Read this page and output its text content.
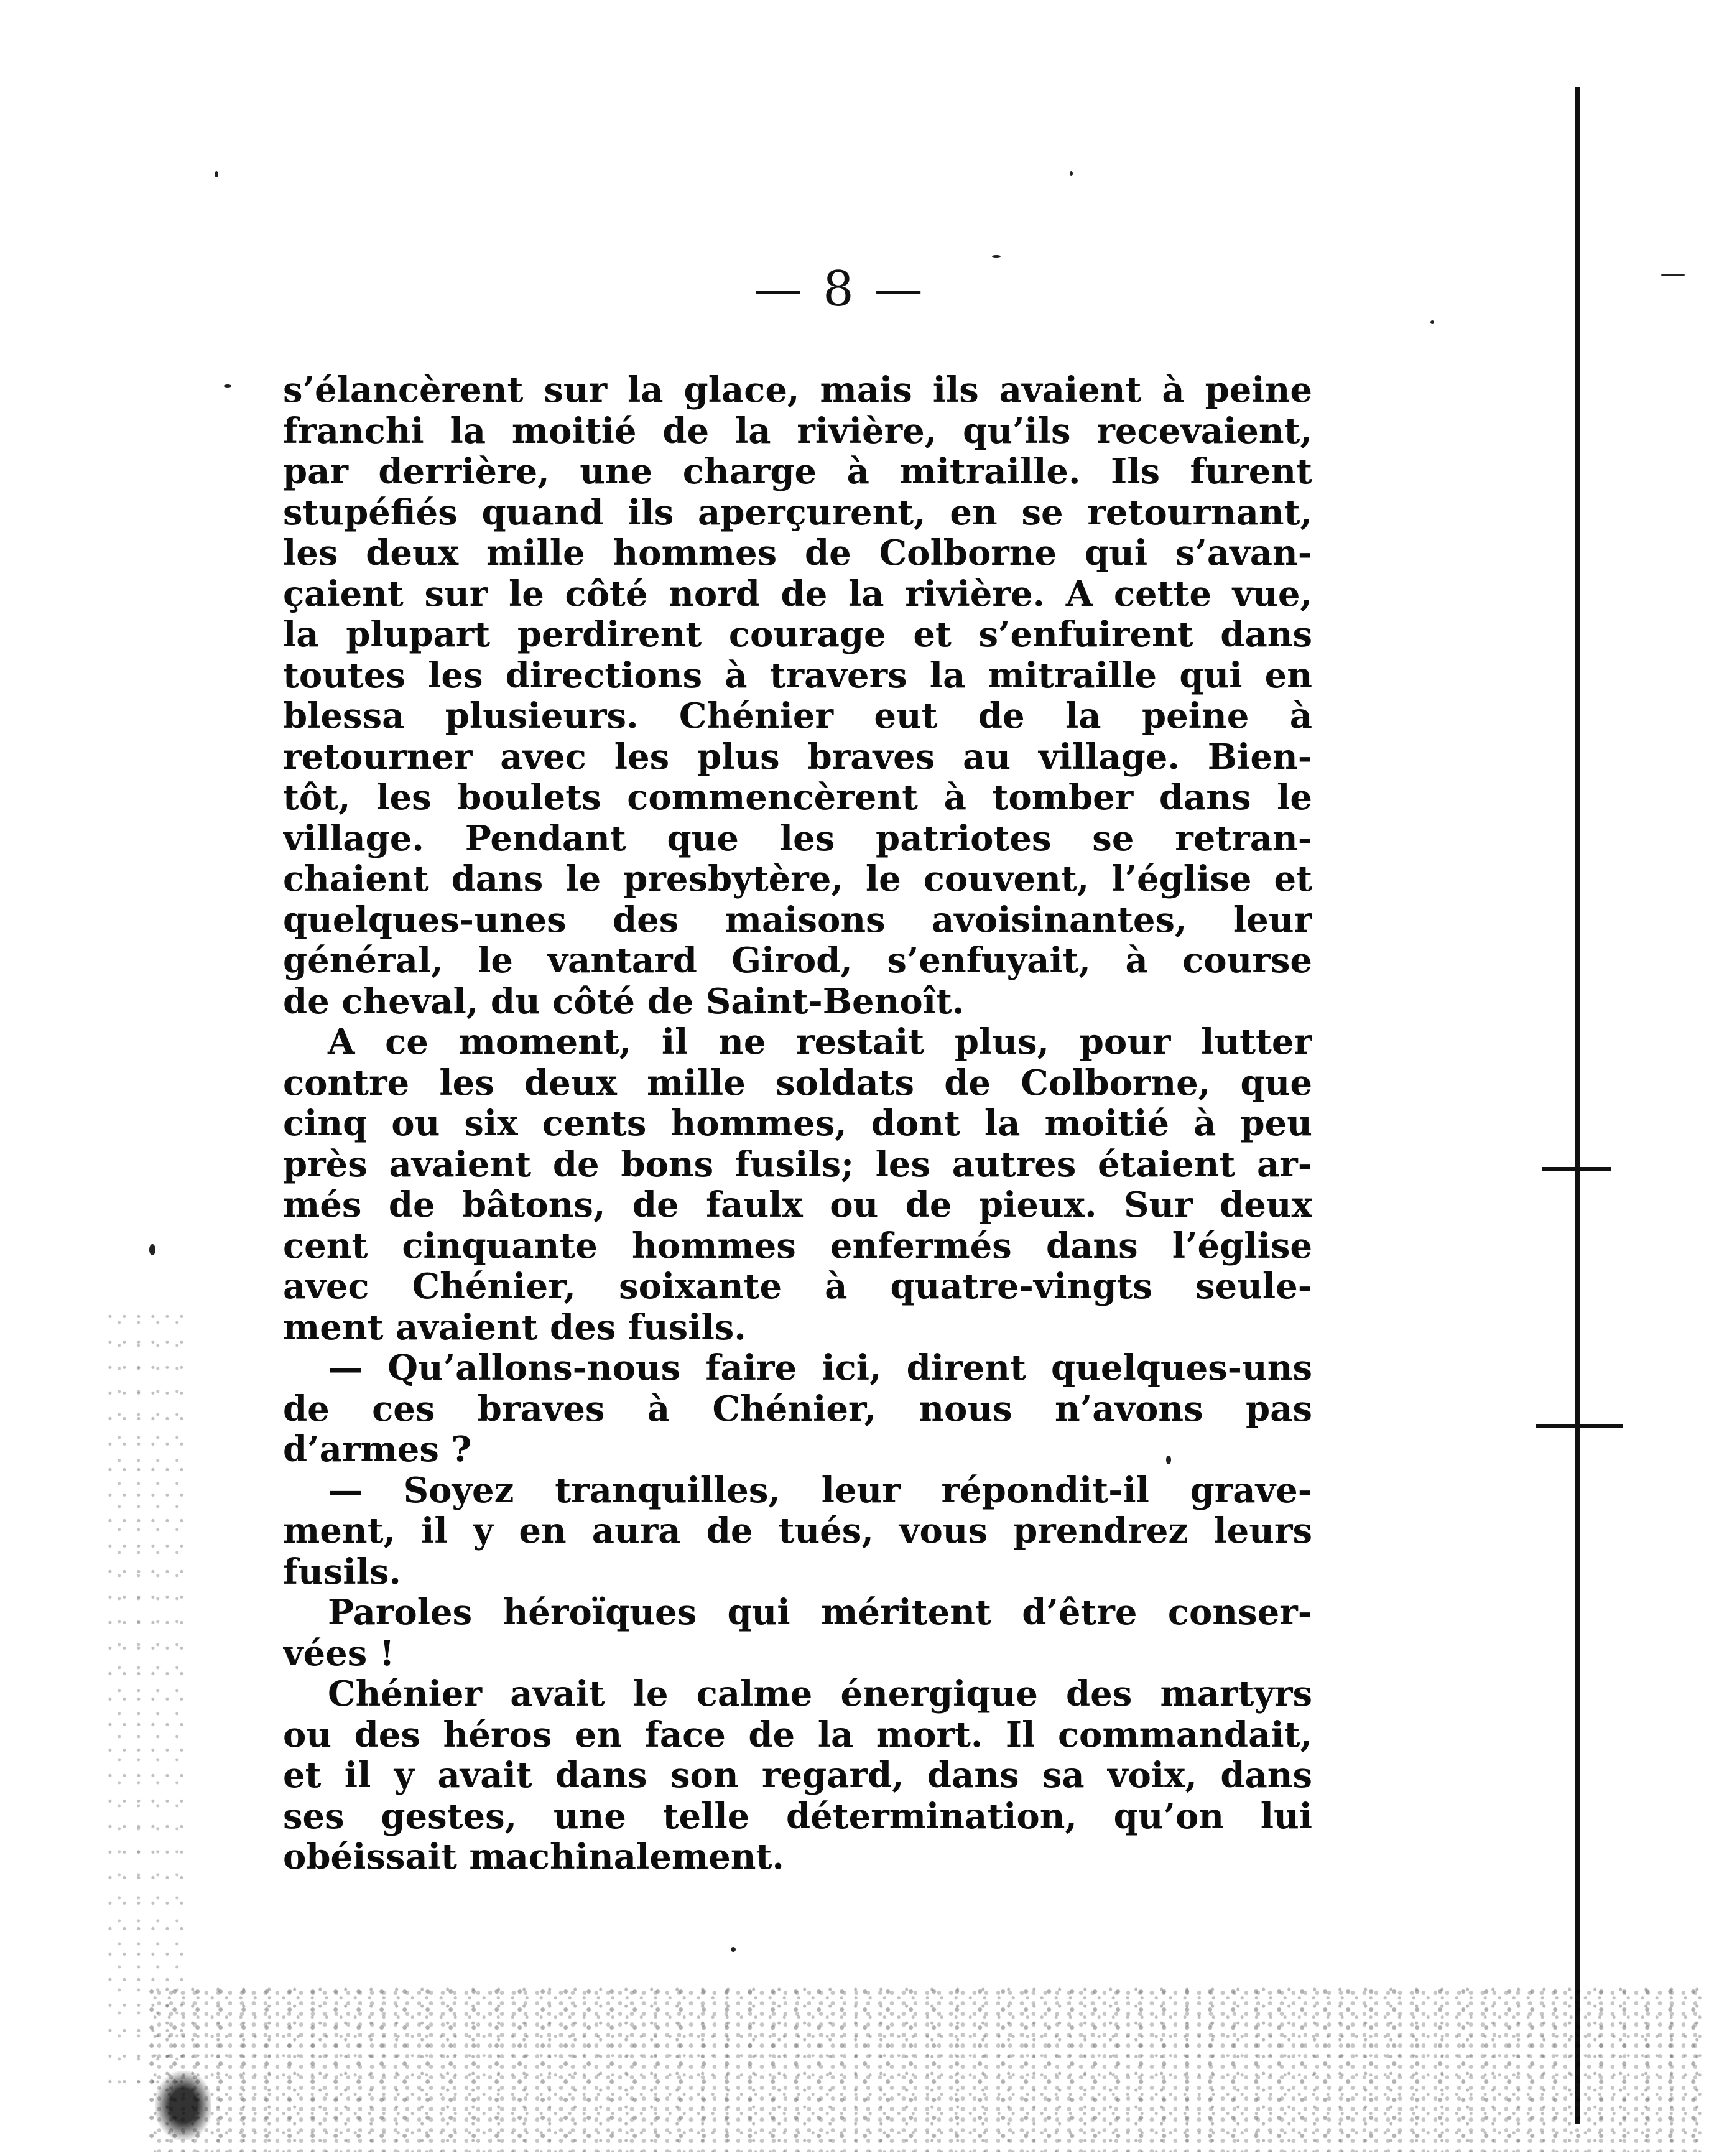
— 8 —
s’élancèrent sur la glace, mais ils avaient à peine
franchi la moitié de la rivière, qu’ils recevaient,
par derrière, une charge à mitraille. Ils furent
stupéfiés quand ils aperçurent, en se retournant,
les deux mille hommes de Colborne qui s’avan-
çaient sur le côté nord de la rivière. A cette vue,
la plupart perdirent courage et s’enfuirent dans
toutes les directions à travers la mitraille qui en
blessa plusieurs. Chénier eut de la peine à
retourner avec les plus braves au village. Bien-
tôt, les boulets commencèrent à tomber dans le
village. Pendant que les patriotes se retran-
chaient dans le presbytère, le couvent, l’église et
quelques-unes des maisons avoisinantes, leur
général, le vantard Girod, s’enfuyait, à course
de cheval, du côté de Saint-Benoît.
A ce moment, il ne restait plus, pour lutter
contre les deux mille soldats de Colborne, que
cinq ou six cents hommes, dont la moitié à peu
près avaient de bons fusils; les autres étaient ar-
més de bâtons, de faulx ou de pieux. Sur deux
cent cinquante hommes enfermés dans l’église
avec Chénier, soixante à quatre-vingts seule-
ment avaient des fusils.
— Qu’allons-nous faire ici, dirent quelques-uns
de ces braves à Chénier, nous n’avons pas
d’armes ?
— Soyez tranquilles, leur répondit-il grave-
ment, il y en aura de tués, vous prendrez leurs
fusils.
Paroles héroïques qui méritent d’être conser-
vées !
Chénier avait le calme énergique des martyrs
ou des héros en face de la mort. Il commandait,
et il y avait dans son regard, dans sa voix, dans
ses gestes, une telle détermination, qu’on lui
obéissait machinalement.
